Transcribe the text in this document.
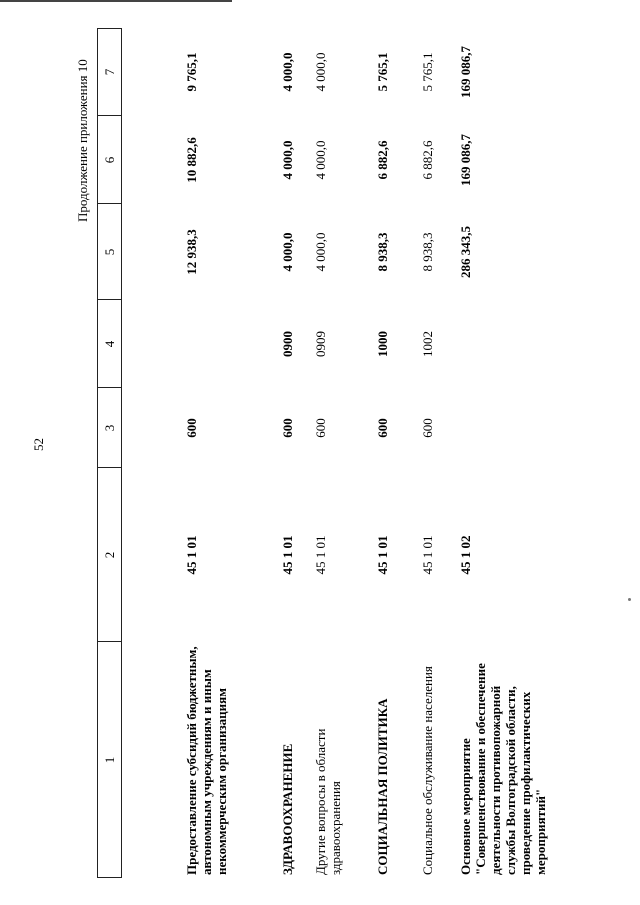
52
Продолжение приложения 10
1
2
3
4
5
6
7
Предоставление субсидий бюджетным, автономным учреждениям и иным некоммерческим организациям
45 1 01
600
12 938,3
10 882,6
9 765,1
ЗДРАВООХРАНЕНИЕ
45 1 01
600
0900
4 000,0
4 000,0
4 000,0
Другие вопросы в области здравоохранения
45 1 01
600
0909
4 000,0
4 000,0
4 000,0
СОЦИАЛЬНАЯ ПОЛИТИКА
45 1 01
600
1000
8 938,3
6 882,6
5 765,1
Социальное обслуживание населения
45 1 01
600
1002
8 938,3
6 882,6
5 765,1
Основное мероприятие "Совершенствование и обеспечение деятельности противопожарной службы Волгоградской области, проведение профилактических мероприятий"
45 1 02
286 343,5
169 086,7
169 086,7
